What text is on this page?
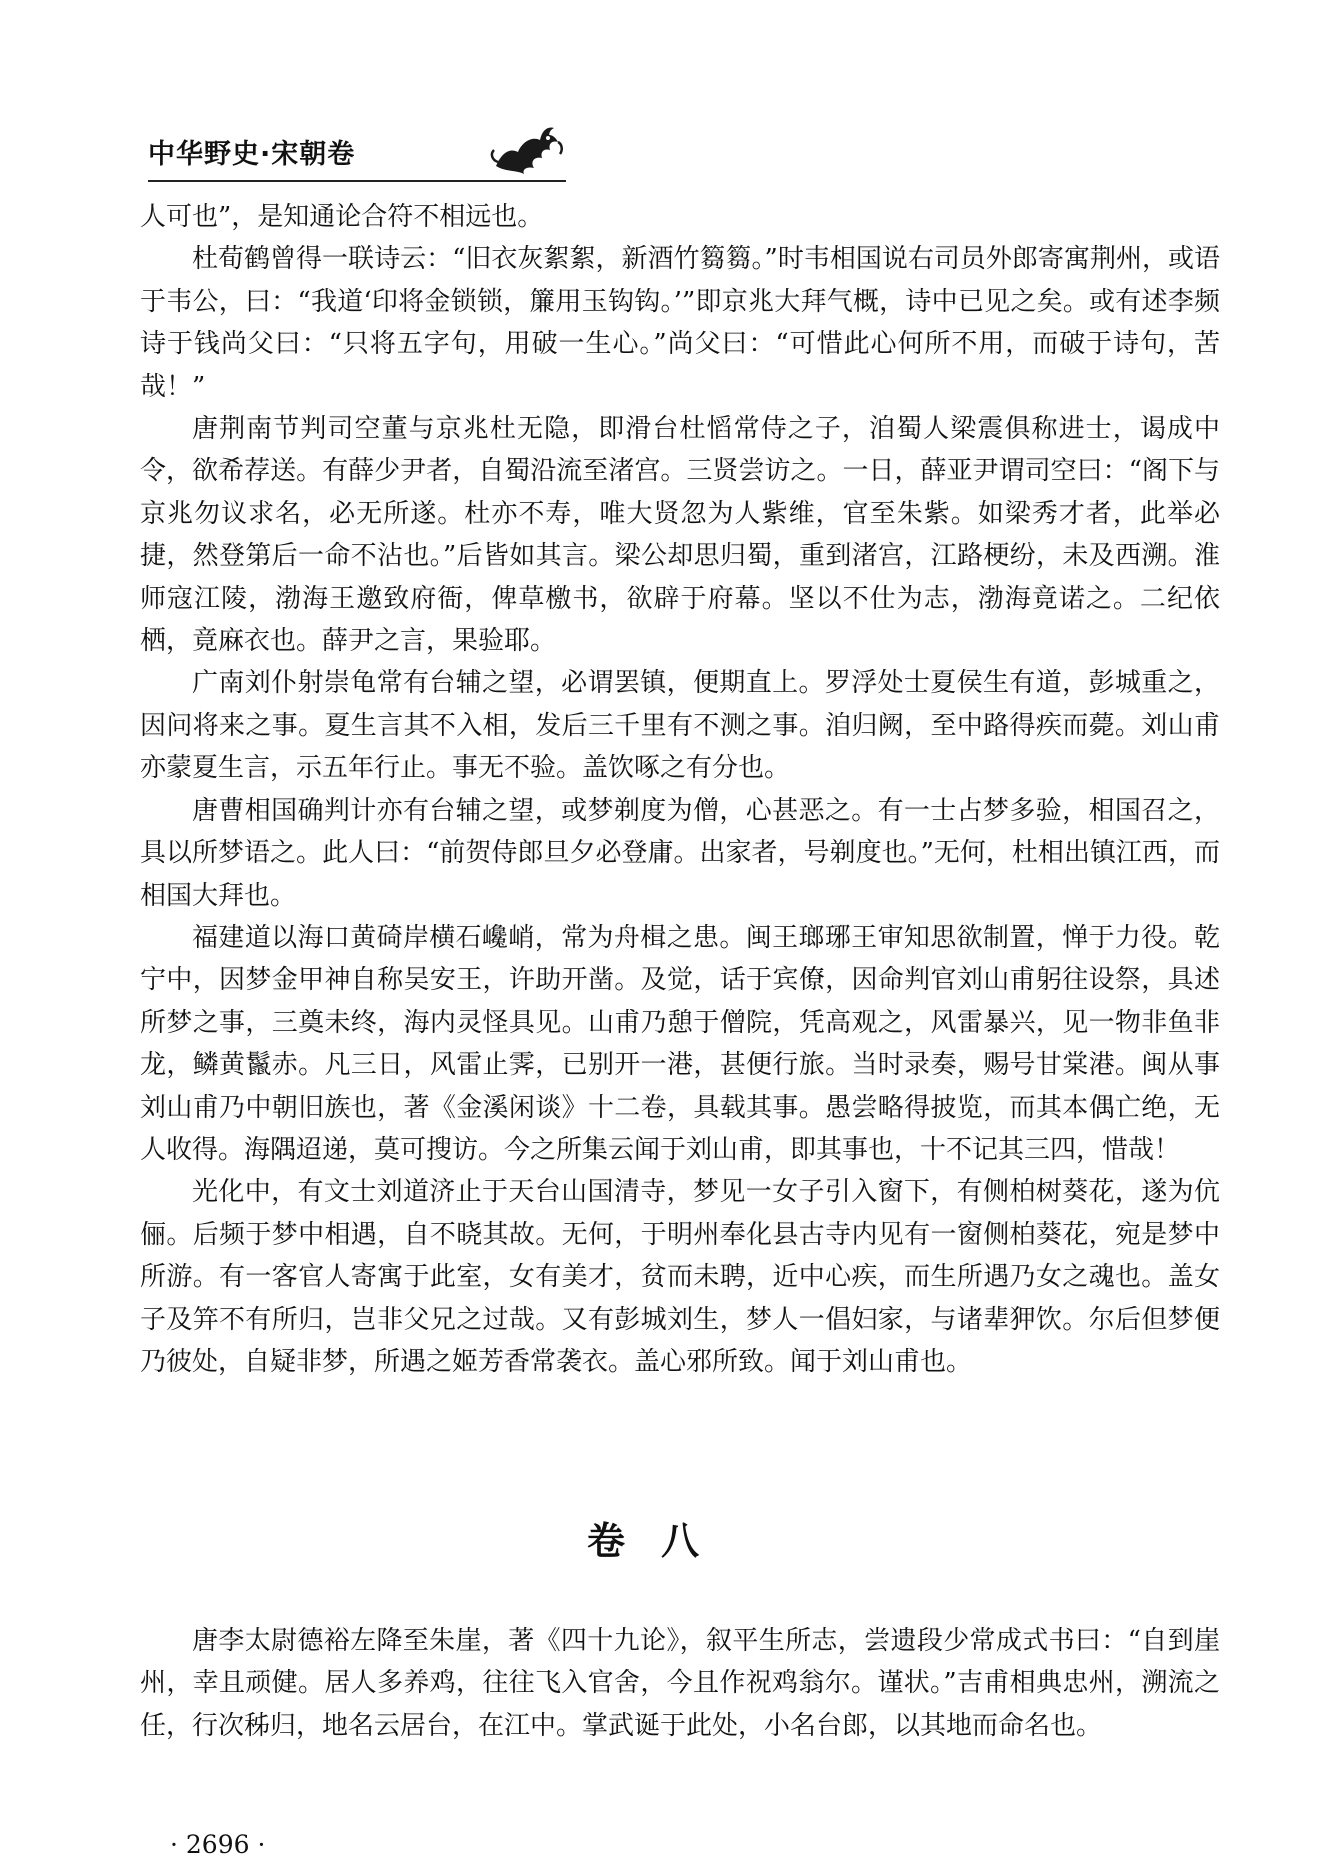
中华野史·宋朝卷

人可也”，是知通论合符不相远也。

杜荀鹤曾得一联诗云：“旧衣灰絮絮，新酒竹篘篘。”时韦相国说右司员外郎寄寓荆州，或语于韦公，曰：“我道‘印将金锁锁，簾用玉钩钩。’”即京兆大拜气概，诗中已见之矣。或有述李频诗于钱尚父曰：“只将五字句，用破一生心。”尚父曰：“可惜此心何所不用，而破于诗句，苦哉！”

唐荆南节判司空董与京兆杜无隐，即滑台杜慆常侍之子，洎蜀人梁震俱称进士，谒成中令，欲希荐送。有薛少尹者，自蜀沿流至渚宫。三贤尝访之。一日，薛亚尹谓司空曰：“阁下与京兆勿议求名，必无所遂。杜亦不寿，唯大贤忽为人紫维，官至朱紫。如梁秀才者，此举必捷，然登第后一命不沾也。”后皆如其言。梁公却思归蜀，重到渚宫，江路梗纷，未及西溯。淮师寇江陵，渤海王邀致府衙，俾草檄书，欲辟于府幕。坚以不仕为志，渤海竟诺之。二纪依栖，竟麻衣也。薛尹之言，果验耶。

广南刘仆射崇龟常有台辅之望，必谓罢镇，便期直上。罗浮处士夏侯生有道，彭城重之，因问将来之事。夏生言其不入相，发后三千里有不测之事。洎归阙，至中路得疾而薨。刘山甫亦蒙夏生言，示五年行止。事无不验。盖饮啄之有分也。

唐曹相国确判计亦有台辅之望，或梦剃度为僧，心甚恶之。有一士占梦多验，相国召之，具以所梦语之。此人曰：“前贺侍郎旦夕必登庸。出家者，号剃度也。”无何，杜相出镇江西，而相国大拜也。

福建道以海口黄碕岸横石巉峭，常为舟楫之患。闽王瑯琊王审知思欲制置，惮于力役。乾宁中，因梦金甲神自称吴安王，许助开凿。及觉，话于宾僚，因命判官刘山甫躬往设祭，具述所梦之事，三奠未终，海内灵怪具见。山甫乃憩于僧院，凭高观之，风雷暴兴，见一物非鱼非龙，鳞黄鬣赤。凡三日，风雷止霁，已别开一港，甚便行旅。当时录奏，赐号甘棠港。闽从事刘山甫乃中朝旧族也，著《金溪闲谈》十二卷，具载其事。愚尝略得披览，而其本偶亡绝，无人收得。海隅迢递，莫可搜访。今之所集云闻于刘山甫，即其事也，十不记其三四，惜哉！

光化中，有文士刘道济止于天台山国清寺，梦见一女子引入窗下，有侧柏树葵花，遂为伉俪。后频于梦中相遇，自不晓其故。无何，于明州奉化县古寺内见有一窗侧柏葵花，宛是梦中所游。有一客官人寄寓于此室，女有美才，贫而未聘，近中心疾，而生所遇乃女之魂也。盖女子及笄不有所归，岂非父兄之过哉。又有彭城刘生，梦人一倡妇家，与诸辈狎饮。尔后但梦便乃彼处，自疑非梦，所遇之姬芳香常袭衣。盖心邪所致。闻于刘山甫也。

卷八

唐李太尉德裕左降至朱崖，著《四十九论》，叙平生所志，尝遗段少常成式书曰：“自到崖州，幸且顽健。居人多养鸡，往往飞入官舍，今且作祝鸡翁尔。谨状。”吉甫相典忠州，溯流之任，行次秭归，地名云居台，在江中。掌武诞于此处，小名台郎，以其地而命名也。

· 2696 ·
